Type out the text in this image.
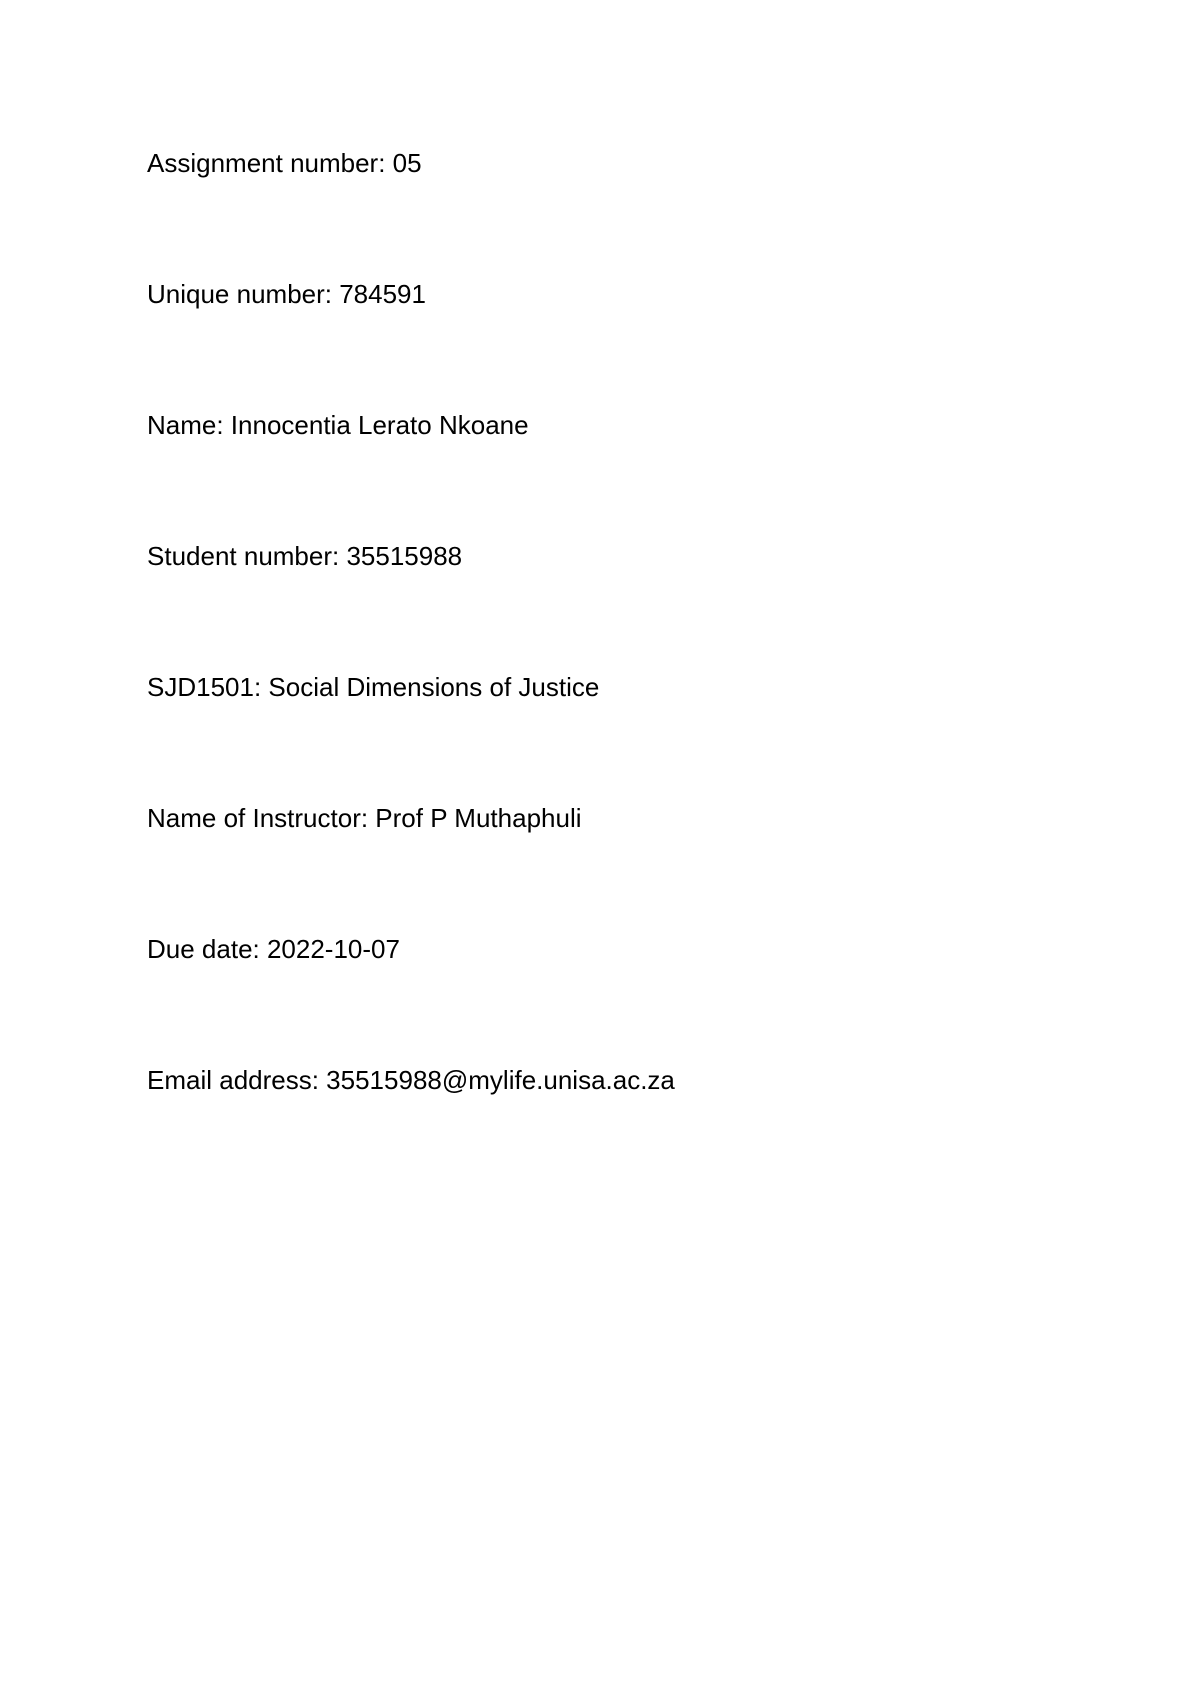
Assignment number: 05
Unique number: 784591
Name: Innocentia Lerato Nkoane
Student number: 35515988
SJD1501: Social Dimensions of Justice
Name of Instructor: Prof P Muthaphuli
Due date: 2022-10-07
Email address: 35515988@mylife.unisa.ac.za
